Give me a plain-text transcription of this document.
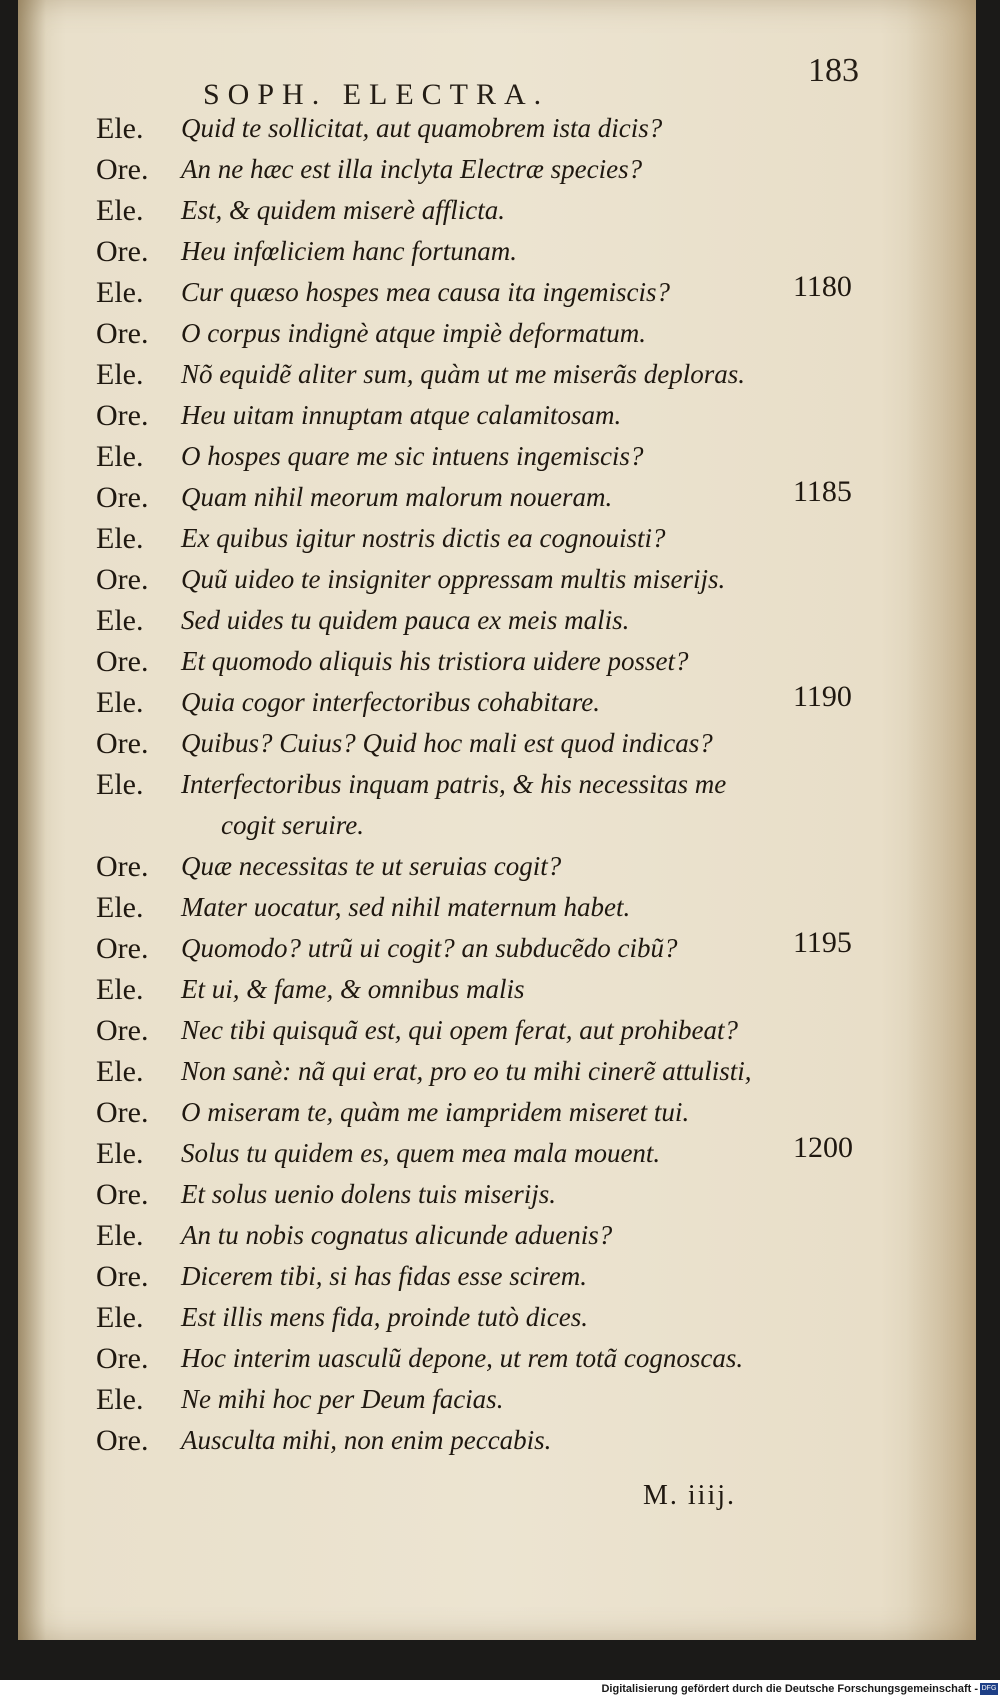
SOPH. ELECTRA.
183
Ele. Quid te sollicitat, aut quamobrem ista dicis?
Ore. An ne hæc est illa inclyta Electræ species?
Ele. Est, & quidem miserè afflicta.
Ore. Heu infœliciem hanc fortunam.
Ele. Cur quæso hospes mea causa ita ingemiscis?	1180
Ore. O corpus indignè atque impiè deformatum.
Ele. Nõ equidẽ aliter sum, quàm ut me miserãs deploras.
Ore. Heu uitam innuptam atque calamitosam.
Ele. O hospes quare me sic intuens ingemiscis?
Ore. Quam nihil meorum malorum noueram.	1185
Ele. Ex quibus igitur nostris dictis ea cognouisti?
Ore. Quũ uideo te insigniter oppressam multis miserijs.
Ele. Sed uides tu quidem pauca ex meis malis.
Ore. Et quomodo aliquis his tristiora uidere posset?
Ele. Quia cogor interfectoribus cohabitare.	1190
Ore. Quibus? Cuius? Quid hoc mali est quod indicas?
Ele. Interfectoribus inquam patris, & his necessitas me
cogit seruire.
Ore. Quæ necessitas te ut seruias cogit?
Ele. Mater uocatur, sed nihil maternum habet.
Ore. Quomodo? utrũ ui cogit? an subducẽdo cibũ?	1195
Ele. Et ui, & fame, & omnibus malis
Ore. Nec tibi quisquã est, qui opem ferat, aut prohibeat?
Ele. Non sanè: nã qui erat, pro eo tu mihi cinerẽ attulisti,
Ore. O miseram te, quàm me iampridem miseret tui.
Ele. Solus tu quidem es, quem mea mala mouent.	1200
Ore. Et solus uenio dolens tuis miserijs.
Ele. An tu nobis cognatus alicunde aduenis?
Ore. Dicerem tibi, si has fidas esse scirem.
Ele. Est illis mens fida, proinde tutò dices.
Ore. Hoc interim uasculũ depone, ut rem totã cognoscas.
Ele. Ne mihi hoc per Deum facias.
Ore. Ausculta mihi, non enim peccabis.
M. iiij.
Digitalisierung gefördert durch die Deutsche Forschungsgemeinschaft - DFG
